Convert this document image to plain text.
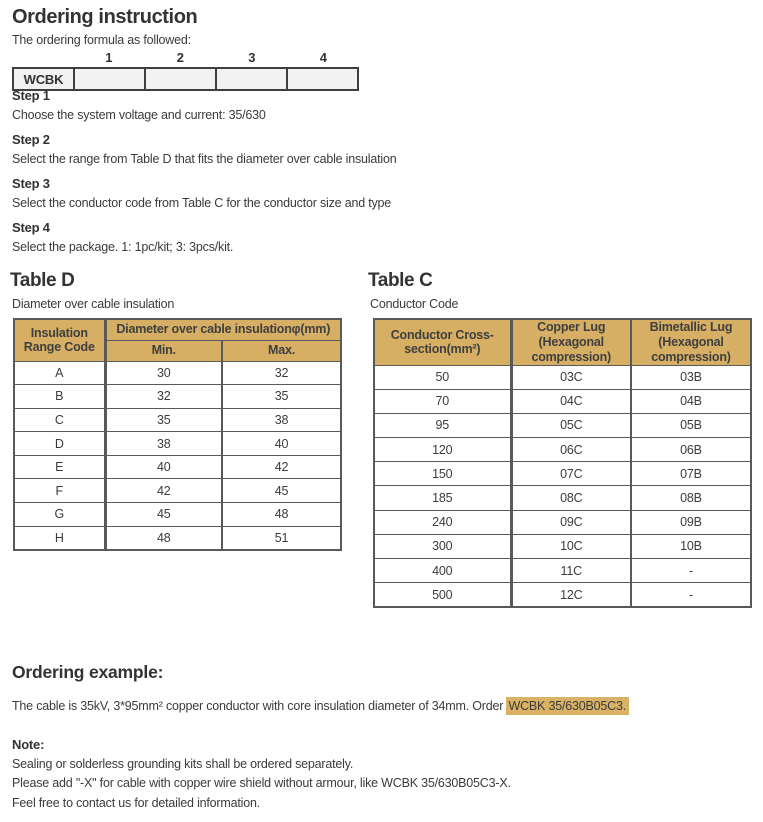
Ordering instruction

The ordering formula as followed:

1	2	3	4
WCBK
Step 1

Choose the system voltage and current: 35/630

Step 2

Select the range from Table D that fits the diameter over cable insulation

Step 3

Select the conductor code from Table C for the conductor size and type

Step 4

Select the package. 1: 1pc/kit; 3: 3pcs/kit.

Table D

Diameter over cable insulation

Insulation Range Code	Diameter over cable insulationφ(mm)	
	Min.	Max.
A	30	32
B	32	35
C	35	38
D	38	40
E	40	42
F	42	45
G	45	48
H	48	51
Table C

Conductor Code

Conductor Cross-section(mm²)	Copper Lug (Hexagonal compression)	Bimetallic Lug (Hexagonal compression)
50	03C	03B
70	04C	04B
95	05C	05B
120	06C	06B
150	07C	07B
185	08C	08B
240	09C	09B
300	10C	10B
400	11C	-
500	12C	-
Ordering example:

The cable is 35kV, 3*95mm² copper conductor with core insulation diameter of 34mm. Order WCBK 35/630B05C3.

Note:

Sealing or solderless grounding kits shall be ordered separately.

Please add "-X" for cable with copper wire shield without armour, like WCBK 35/630B05C3-X.

Feel free to contact us for detailed information.
